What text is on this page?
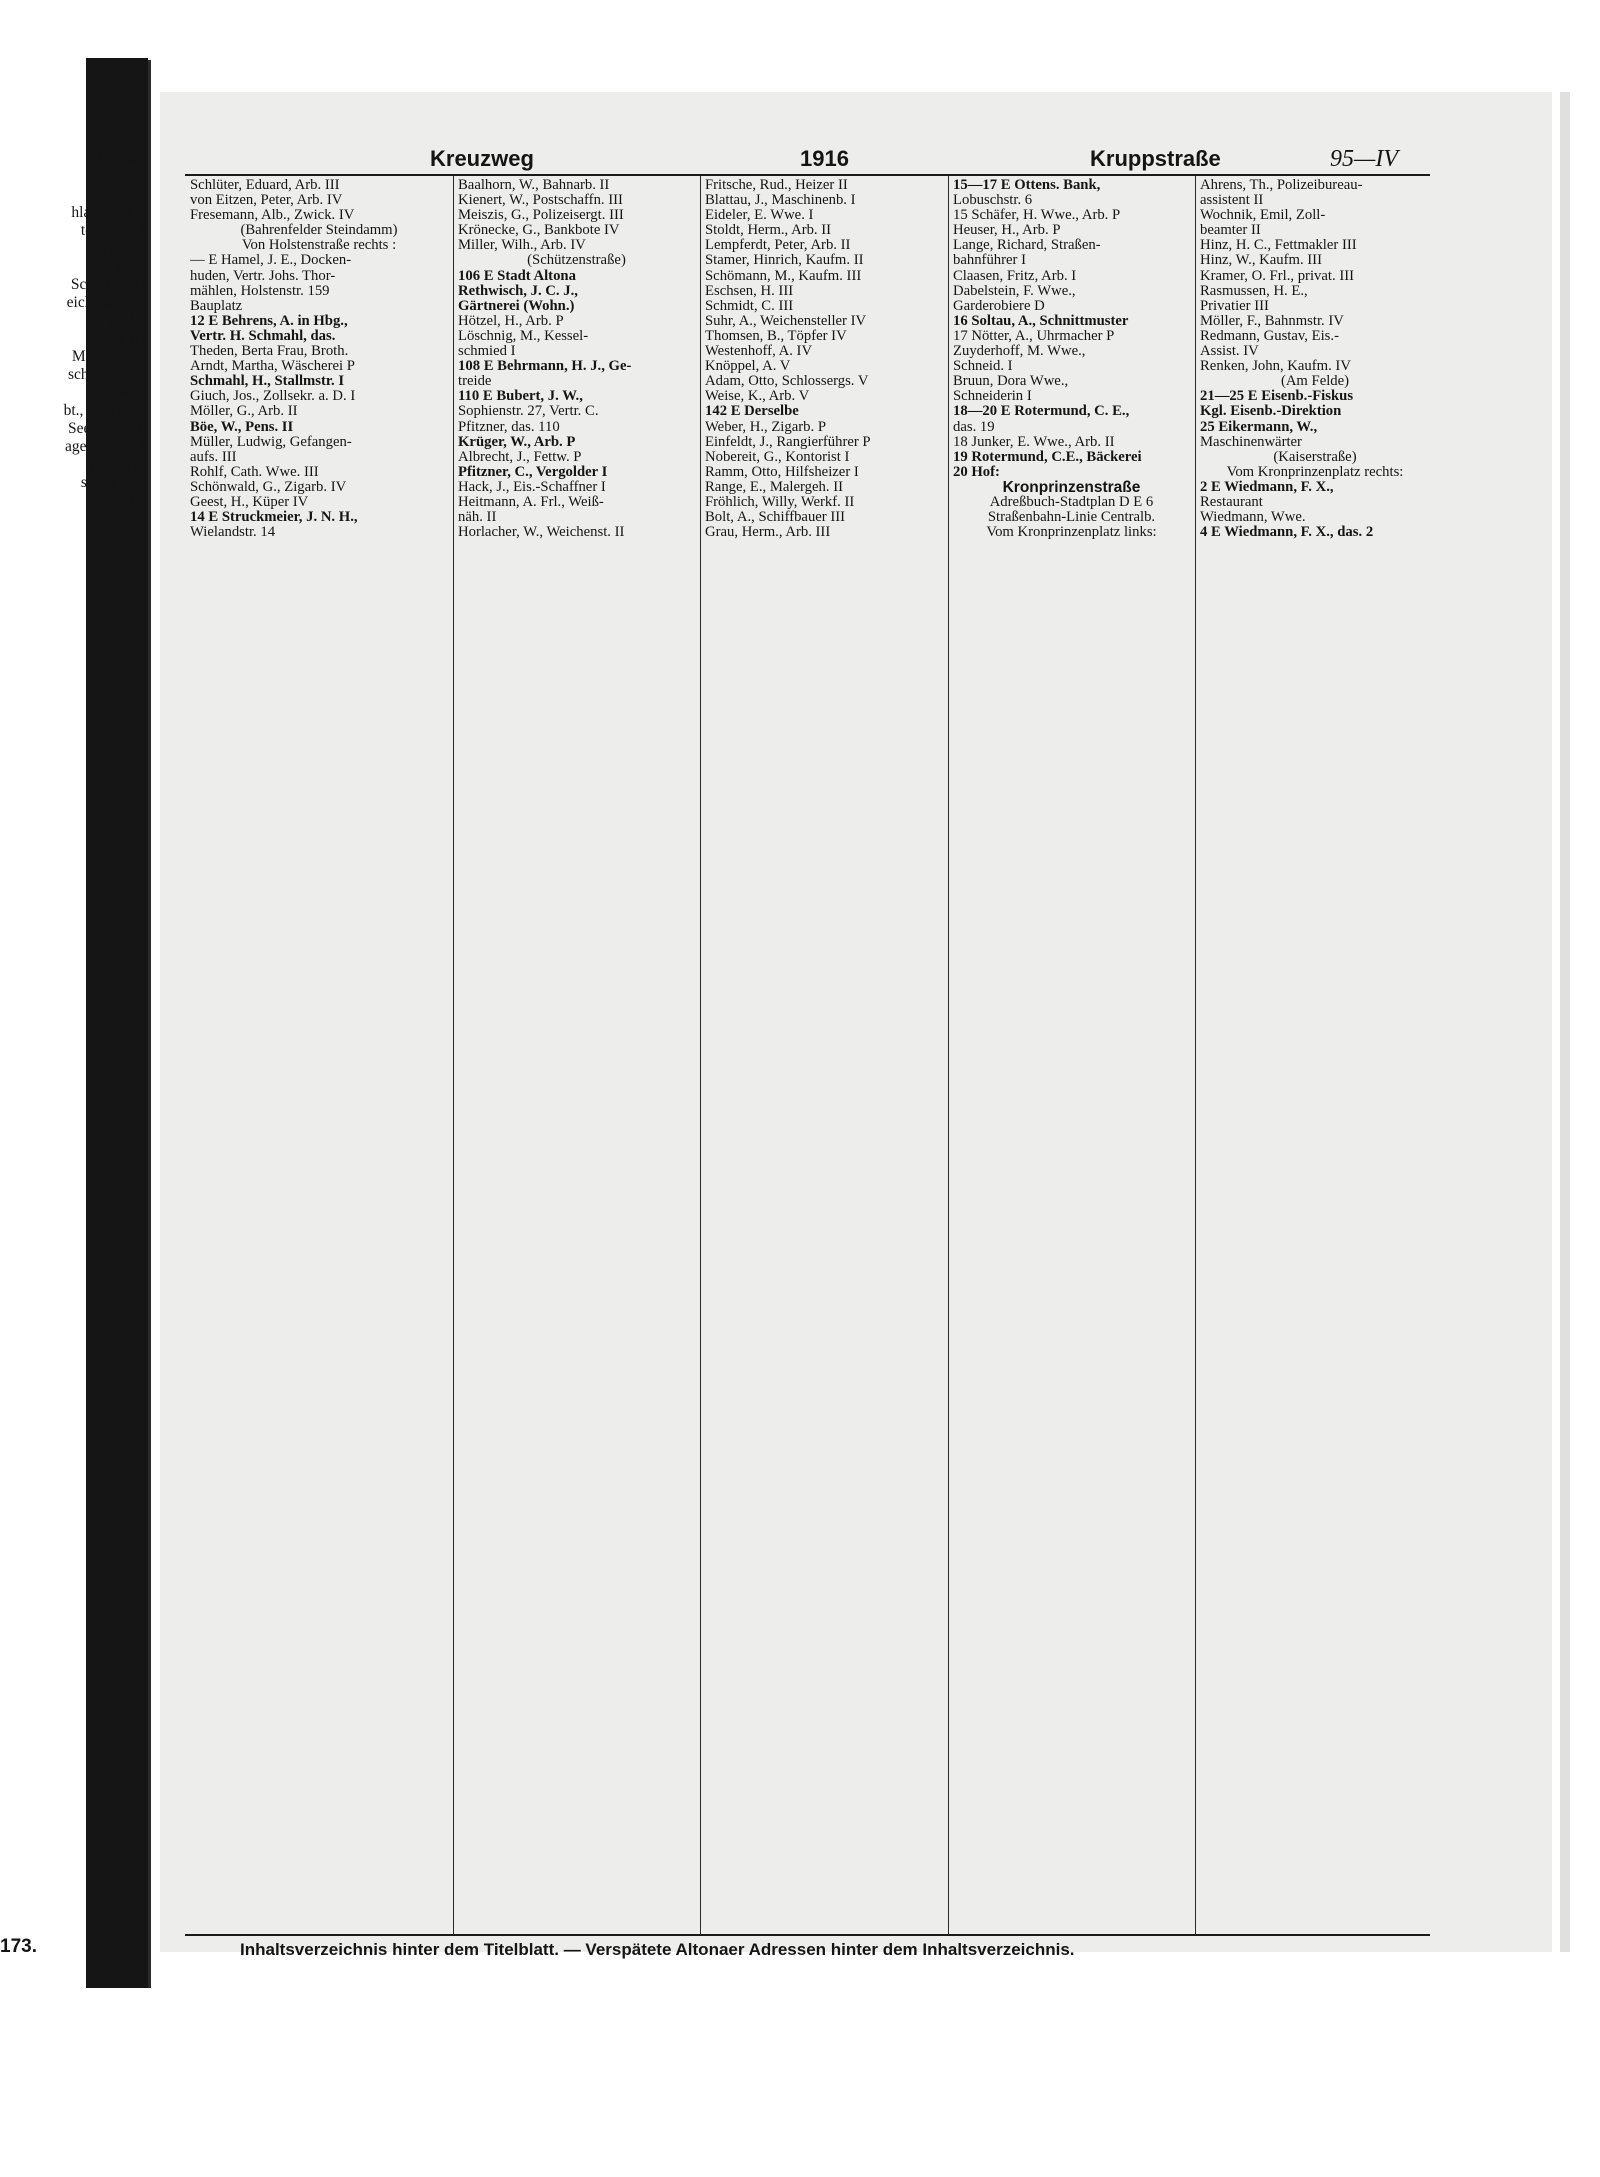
D., das.
Kolon. P
rd,
hlachterei P
tensetzer I
rivat. I
Eis.-
Schaffner II
eichensteller
ter III
hniker III
Maschinen-
schlosser IV
aße)
bt., G.m.b.H.
Seefisch-Gr.
agervorarb. I
gr. Berg-
straße 232
h. IV
Kreuzweg	1916	Kruppstraße	95—IV
Schlüter, Eduard, Arb. III
von Eitzen, Peter, Arb. IV
Fresemann, Alb., Zwick. IV
(Bahrenfelder Steindamm)
Von Holstenstraße rechts :
— E Hamel, J. E., Docken-
huden, Vertr. Johs. Thor-
mählen, Holstenstr. 159
Bauplatz
12 E Behrens, A. in Hbg.,
Vertr. H. Schmahl, das.
Theden, Berta Frau, Broth.
Arndt, Martha, Wäscherei P
Schmahl, H., Stallmstr. I
Giuch, Jos., Zollsekr. a. D. I
Möller, G., Arb. II
Böe, W., Pens. II
Müller, Ludwig, Gefangen-
aufs. III
Rohlf, Cath. Wwe. III
Schönwald, G., Zigarb. IV
Geest, H., Küper IV
14 E Struckmeier, J. N. H.,
Wielandstr. 14
Baalhorn, W., Bahnarb. II
Kienert, W., Postschaffn. III
Meiszis, G., Polizeisergt. III
Krönecke, G., Bankbote IV
Miller, Wilh., Arb. IV
(Schützenstraße)
106 E Stadt Altona
Rethwisch, J. C. J.,
Gärtnerei (Wohn.)
Hötzel, H., Arb. P
Löschnig, M., Kessel-
schmied I
108 E Behrmann, H. J., Ge-
treide
110 E Bubert, J. W.,
Sophienstr. 27, Vertr. C.
Pfitzner, das. 110
Krüger, W., Arb. P
Albrecht, J., Fettw. P
Pfitzner, C., Vergolder I
Hack, J., Eis.-Schaffner I
Heitmann, A. Frl., Weiß-
näh. II
Horlacher, W., Weichenst. II
Fritsche, Rud., Heizer II
Blattau, J., Maschinenb. I
Eideler, E. Wwe. I
Stoldt, Herm., Arb. II
Lempferdt, Peter, Arb. II
Stamer, Hinrich, Kaufm. II
Schömann, M., Kaufm. III
Eschsen, H. III
Schmidt, C. III
Suhr, A., Weichensteller IV
Thomsen, B., Töpfer IV
Westenhoff, A. IV
Knöppel, A. V
Adam, Otto, Schlossergs. V
Weise, K., Arb. V
142 E Derselbe
Weber, H., Zigarb. P
Einfeldt, J., Rangierführer P
Nobereit, G., Kontorist I
Ramm, Otto, Hilfsheizer I
Range, E., Malergeh. II
Fröhlich, Willy, Werkf. II
Bolt, A., Schiffbauer III
Grau, Herm., Arb. III
15—17 E Ottens. Bank,
Lobuschstr. 6
15 Schäfer, H. Wwe., Arb. P
Heuser, H., Arb. P
Lange, Richard, Straßen-
bahnführer I
Claasen, Fritz, Arb. I
Dabelstein, F. Wwe.,
Garderobiere D
16 Soltau, A., Schnittmuster
17 Nötter, A., Uhrmacher P
Zuyderhoff, M. Wwe.,
Schneid. I
Bruun, Dora Wwe.,
Schneiderin I
18—20 E Rotermund, C. E.,
das. 19
18 Junker, E. Wwe., Arb. II
19 Rotermund, C.E., Bäckerei
20 Hof:
Kronprinzenstraße
Adreßbuch-Stadtplan D E 6
Straßenbahn-Linie Centralb.
Vom Kronprinzenplatz links:
Ahrens, Th., Polizeibureau-
assistent II
Wochnik, Emil, Zoll-
beamter II
Hinz, H. C., Fettmakler III
Hinz, W., Kaufm. III
Kramer, O. Frl., privat. III
Rasmussen, H. E.,
Privatier III
Möller, F., Bahnmstr. IV
Redmann, Gustav, Eis.-
Assist. IV
Renken, John, Kaufm. IV
(Am Felde)
21—25 E Eisenb.-Fiskus
Kgl. Eisenb.-Direktion
25 Eikermann, W.,
Maschinenwärter
(Kaiserstraße)
Vom Kronprinzenplatz rechts:
2 E Wiedmann, F. X.,
Restaurant
Wiedmann, Wwe.
4 E Wiedmann, F. X., das. 2
173.	Inhaltsverzeichnis hinter dem Titelblatt. — Verspätete Altonaer Adressen hinter dem Inhaltsverzeichnis.
